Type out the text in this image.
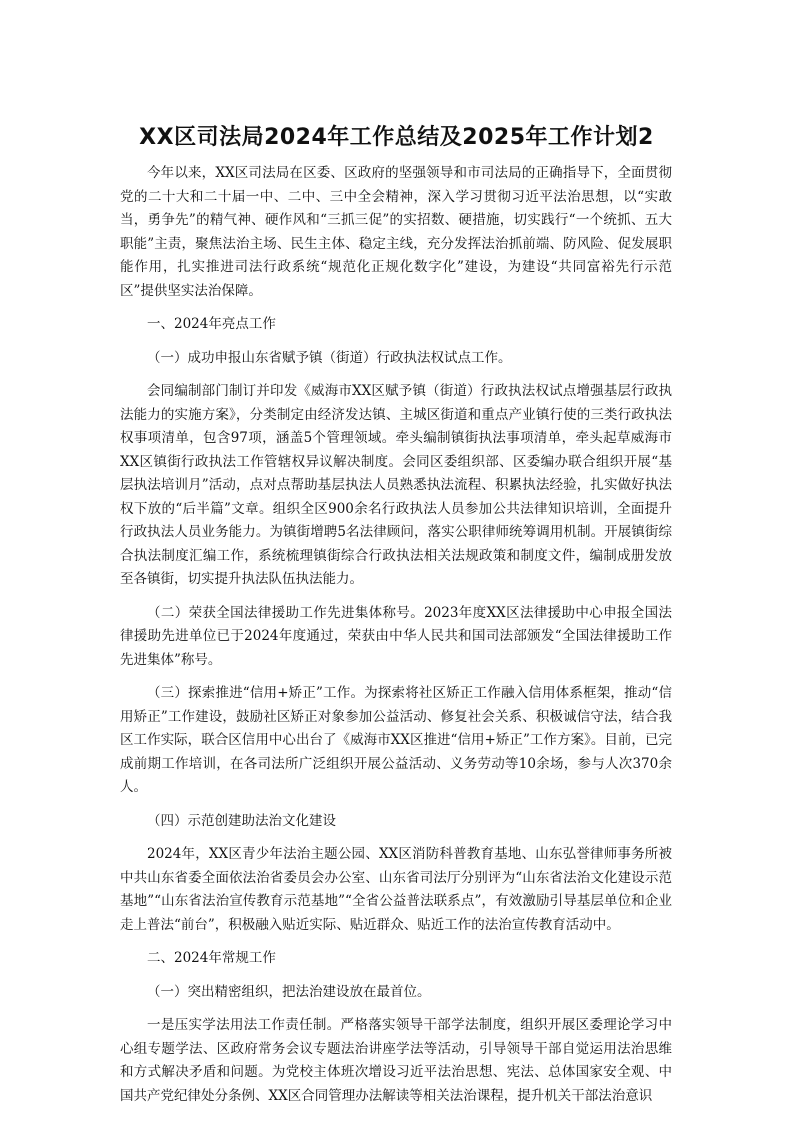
XX区司法局2024年工作总结及2025年工作计划2

今年以来，XX区司法局在区委、区政府的坚强领导和市司法局的正确指导下，全面贯彻党的二十大和二十届一中、二中、三中全会精神，深入学习贯彻习近平法治思想，以“实敢当，勇争先”的精气神、硬作风和“三抓三促”的实招数、硬措施，切实践行“一个统抓、五大职能”主责，聚焦法治主场、民生主体、稳定主线，充分发挥法治抓前端、防风险、促发展职能作用，扎实推进司法行政系统“规范化正规化数字化”建设，为建设“共同富裕先行示范区”提供坚实法治保障。

一、2024年亮点工作

（一）成功申报山东省赋予镇（街道）行政执法权试点工作。

会同编制部门制订并印发《威海市XX区赋予镇（街道）行政执法权试点增强基层行政执法能力的实施方案》，分类制定由经济发达镇、主城区街道和重点产业镇行使的三类行政执法权事项清单，包含97项，涵盖5个管理领域。牵头编制镇街执法事项清单，牵头起草威海市XX区镇街行政执法工作管辖权异议解决制度。会同区委组织部、区委编办联合组织开展“基层执法培训月”活动，点对点帮助基层执法人员熟悉执法流程、积累执法经验，扎实做好执法权下放的“后半篇”文章。组织全区900余名行政执法人员参加公共法律知识培训，全面提升行政执法人员业务能力。为镇街增聘5名法律顾问，落实公职律师统筹调用机制。开展镇街综合执法制度汇编工作，系统梳理镇街综合行政执法相关法规政策和制度文件，编制成册发放至各镇街，切实提升执法队伍执法能力。

（二）荣获全国法律援助工作先进集体称号。2023年度XX区法律援助中心申报全国法律援助先进单位已于2024年度通过，荣获由中华人民共和国司法部颁发“全国法律援助工作先进集体”称号。

（三）探索推进“信用+矫正”工作。为探索将社区矫正工作融入信用体系框架，推动“信用矫正”工作建设，鼓励社区矫正对象参加公益活动、修复社会关系、积极诚信守法，结合我区工作实际，联合区信用中心出台了《威海市XX区推进“信用+矫正”工作方案》。目前，已完成前期工作培训，在各司法所广泛组织开展公益活动、义务劳动等10余场，参与人次370余人。

（四）示范创建助法治文化建设

2024年，XX区青少年法治主题公园、XX区消防科普教育基地、山东弘誉律师事务所被中共山东省委全面依法治省委员会办公室、山东省司法厅分别评为“山东省法治文化建设示范基地”“山东省法治宣传教育示范基地”“全省公益普法联系点”，有效激励引导基层单位和企业走上普法“前台”，积极融入贴近实际、贴近群众、贴近工作的法治宣传教育活动中。

二、2024年常规工作

（一）突出精密组织，把法治建设放在最首位。

一是压实学法用法工作责任制。严格落实领导干部学法制度，组织开展区委理论学习中心组专题学法、区政府常务会议专题法治讲座学法等活动，引导领导干部自觉运用法治思维和方式解决矛盾和问题。为党校主体班次增设习近平法治思想、宪法、总体国家安全观、中国共产党纪律处分条例、XX区合同管理办法解读等相关法治课程，提升机关干部法治意识
